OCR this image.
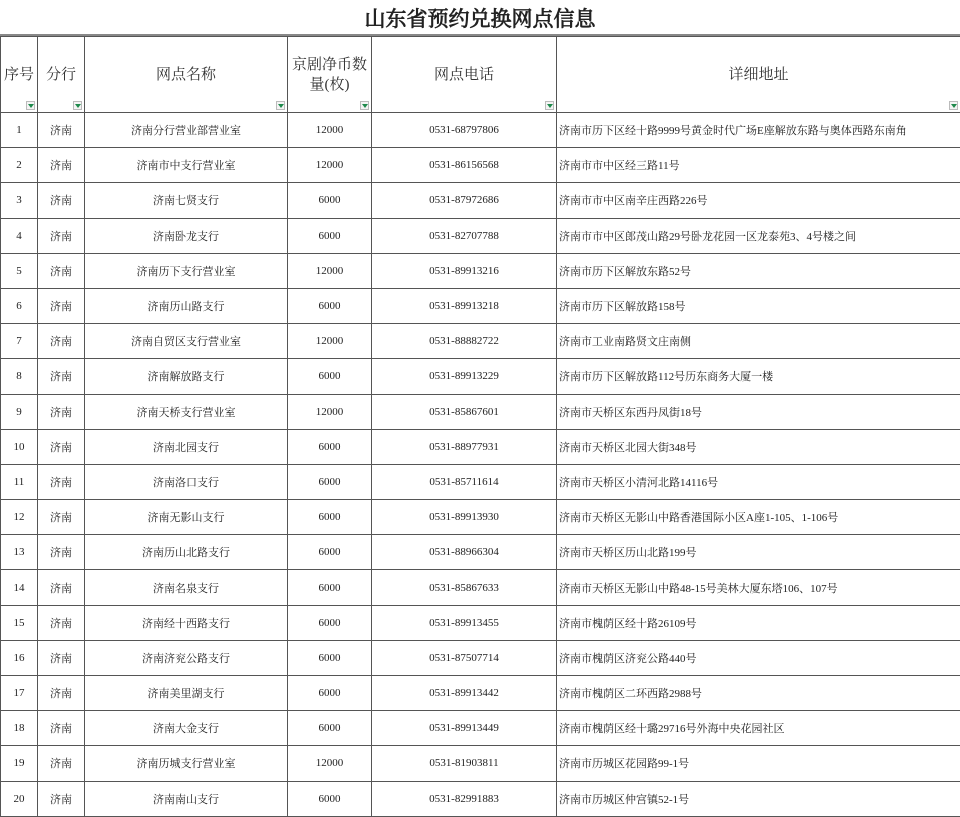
山东省预约兑换网点信息
序号	分行	网点名称	京剧净币数量(枚)	网点电话	详细地址

1	济南	济南分行营业部营业室	12000	0531-68797806	济南市历下区经十路9999号黄金时代广场E座解放东路与奥体西路东南角
2	济南	济南市中支行营业室	12000	0531-86156568	济南市市中区经三路11号
3	济南	济南七贤支行	6000	0531-87972686	济南市市中区南辛庄西路226号
4	济南	济南卧龙支行	6000	0531-82707788	济南市市中区郎茂山路29号卧龙花园一区龙泰苑3、4号楼之间
5	济南	济南历下支行营业室	12000	0531-89913216	济南市历下区解放东路52号
6	济南	济南历山路支行	6000	0531-89913218	济南市历下区解放路158号
7	济南	济南自贸区支行营业室	12000	0531-88882722	济南市工业南路贤文庄南侧
8	济南	济南解放路支行	6000	0531-89913229	济南市历下区解放路112号历东商务大厦一楼
9	济南	济南天桥支行营业室	12000	0531-85867601	济南市天桥区东西丹凤街18号
10	济南	济南北园支行	6000	0531-88977931	济南市天桥区北园大街348号
11	济南	济南洛口支行	6000	0531-85711614	济南市天桥区小清河北路14116号
12	济南	济南无影山支行	6000	0531-89913930	济南市天桥区无影山中路香港国际小区A座1-105、1-106号
13	济南	济南历山北路支行	6000	0531-88966304	济南市天桥区历山北路199号
14	济南	济南名泉支行	6000	0531-85867633	济南市天桥区无影山中路48-15号美林大厦东塔106、107号
15	济南	济南经十西路支行	6000	0531-89913455	济南市槐荫区经十路26109号
16	济南	济南济兖公路支行	6000	0531-87507714	济南市槐荫区济兖公路440号
17	济南	济南美里湖支行	6000	0531-89913442	济南市槐荫区二环西路2988号
18	济南	济南大金支行	6000	0531-89913449	济南市槐荫区经十璐29716号外海中央花园社区
19	济南	济南历城支行营业室	12000	0531-81903811	济南市历城区花园路99-1号
20	济南	济南南山支行	6000	0531-82991883	济南市历城区仲宫镇52-1号
